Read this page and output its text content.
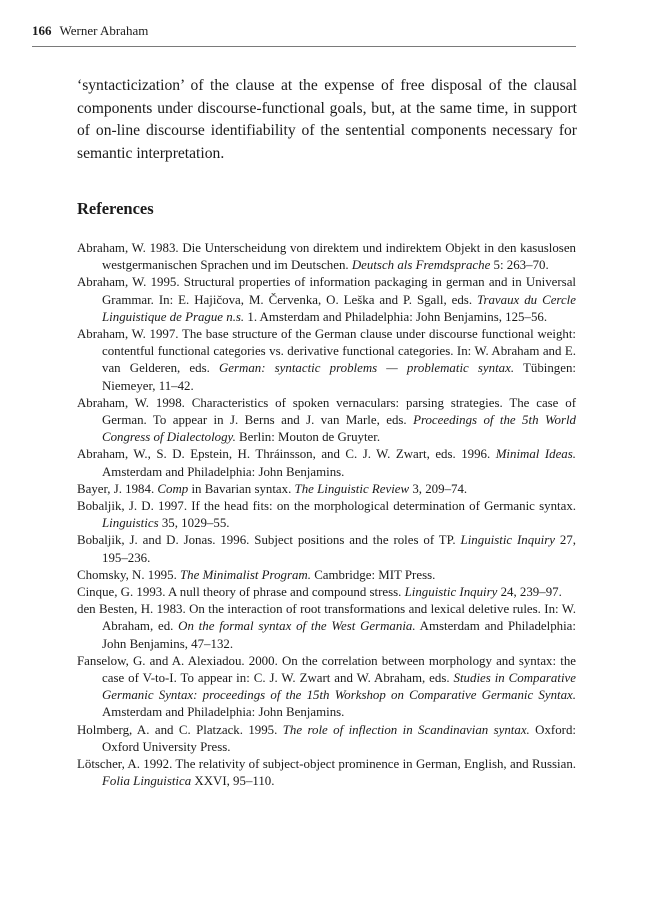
166 Werner Abraham

‘syntacticization’ of the clause at the expense of free disposal of the clausal components under discourse-functional goals, but, at the same time, in support of on-line discourse identifiability of the sentential components necessary for semantic interpretation.

References

Abraham, W. 1983. Die Unterscheidung von direktem und indirektem Objekt in den kasuslosen westgermanischen Sprachen und im Deutschen. Deutsch als Fremdsprache 5: 263–70.

Abraham, W. 1995. Structural properties of information packaging in german and in Universal Grammar. In: E. Hajičova, M. Červenka, O. Leška and P. Sgall, eds. Travaux du Cercle Linguistique de Prague n.s. 1. Amsterdam and Philadelphia: John Benjamins, 125–56.

Abraham, W. 1997. The base structure of the German clause under discourse functional weight: contentful functional categories vs. derivative functional categories. In: W. Abraham and E. van Gelderen, eds. German: syntactic problems — problematic syntax. Tübingen: Niemeyer, 11–42.

Abraham, W. 1998. Characteristics of spoken vernaculars: parsing strategies. The case of German. To appear in J. Berns and J. van Marle, eds. Proceedings of the 5th World Congress of Dialectology. Berlin: Mouton de Gruyter.

Abraham, W., S. D. Epstein, H. Thráinsson, and C. J. W. Zwart, eds. 1996. Minimal Ideas. Amsterdam and Philadelphia: John Benjamins.

Bayer, J. 1984. Comp in Bavarian syntax. The Linguistic Review 3, 209–74.

Bobaljik, J. D. 1997. If the head fits: on the morphological determination of Germanic syntax. Linguistics 35, 1029–55.

Bobaljik, J. and D. Jonas. 1996. Subject positions and the roles of TP. Linguistic Inquiry 27, 195–236.

Chomsky, N. 1995. The Minimalist Program. Cambridge: MIT Press.

Cinque, G. 1993. A null theory of phrase and compound stress. Linguistic Inquiry 24, 239–97.

den Besten, H. 1983. On the interaction of root transformations and lexical deletive rules. In: W. Abraham, ed. On the formal syntax of the West Germania. Amsterdam and Philadelphia: John Benjamins, 47–132.

Fanselow, G. and A. Alexiadou. 2000. On the correlation between morphology and syntax: the case of V-to-I. To appear in: C. J. W. Zwart and W. Abraham, eds. Studies in Comparative Germanic Syntax: proceedings of the 15th Workshop on Comparative Germanic Syntax. Amsterdam and Philadelphia: John Benjamins.

Holmberg, A. and C. Platzack. 1995. The role of inflection in Scandinavian syntax. Oxford: Oxford University Press.

Lötscher, A. 1992. The relativity of subject-object prominence in German, English, and Russian. Folia Linguistica XXVI, 95–110.
